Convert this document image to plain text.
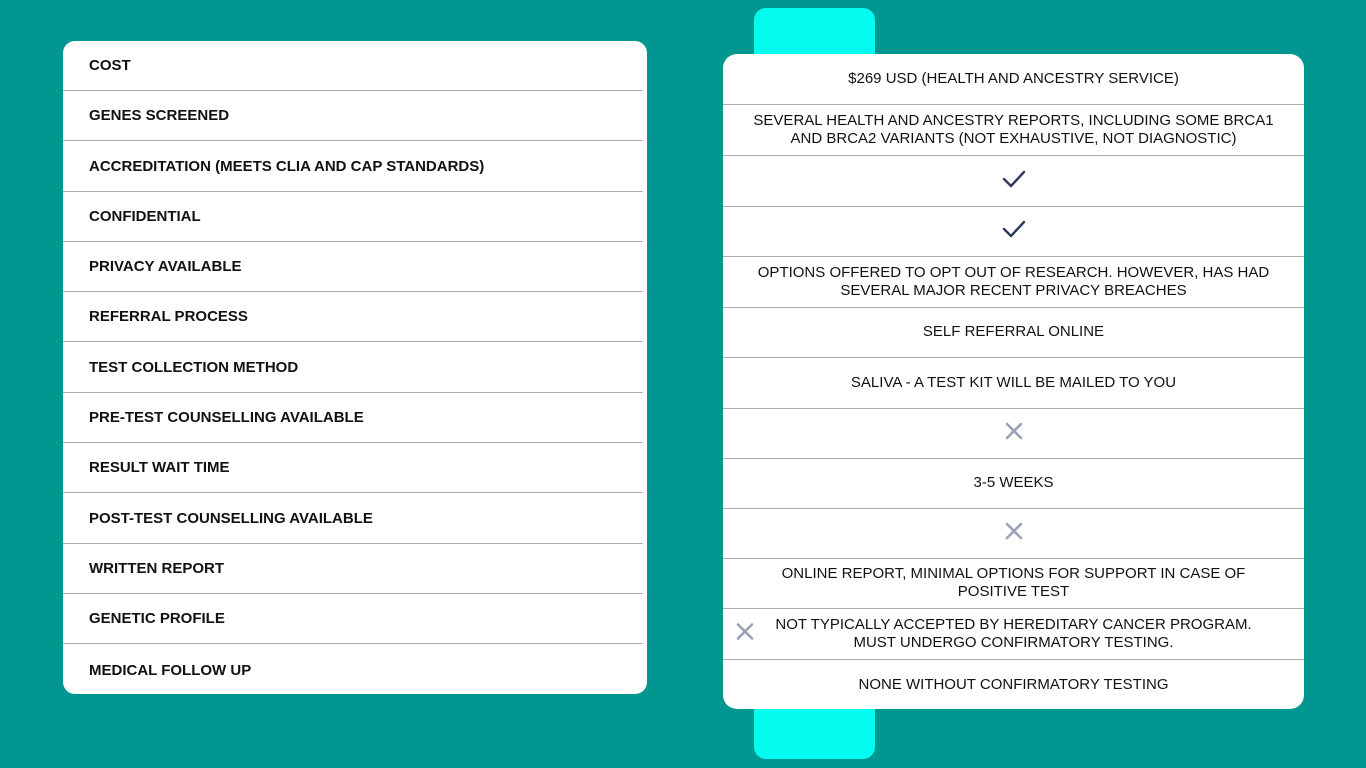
COST
GENES SCREENED
ACCREDITATION (MEETS CLIA AND CAP STANDARDS)
CONFIDENTIAL
PRIVACY AVAILABLE
REFERRAL PROCESS
TEST COLLECTION METHOD
PRE-TEST COUNSELLING AVAILABLE
RESULT WAIT TIME
POST-TEST COUNSELLING AVAILABLE
WRITTEN REPORT
GENETIC PROFILE
MEDICAL FOLLOW UP
$269 USD (HEALTH AND ANCESTRY SERVICE)
SEVERAL HEALTH AND ANCESTRY REPORTS, INCLUDING SOME BRCA1 AND BRCA2 VARIANTS (NOT EXHAUSTIVE, NOT DIAGNOSTIC)
OPTIONS OFFERED TO OPT OUT OF RESEARCH. HOWEVER, HAS HAD SEVERAL MAJOR RECENT PRIVACY BREACHES
SELF REFERRAL ONLINE
SALIVA - A TEST KIT WILL BE MAILED TO YOU
3-5 WEEKS
ONLINE REPORT, MINIMAL OPTIONS FOR SUPPORT IN CASE OF POSITIVE TEST
NOT TYPICALLY ACCEPTED BY HEREDITARY CANCER PROGRAM. MUST UNDERGO CONFIRMATORY TESTING.
NONE WITHOUT CONFIRMATORY TESTING
